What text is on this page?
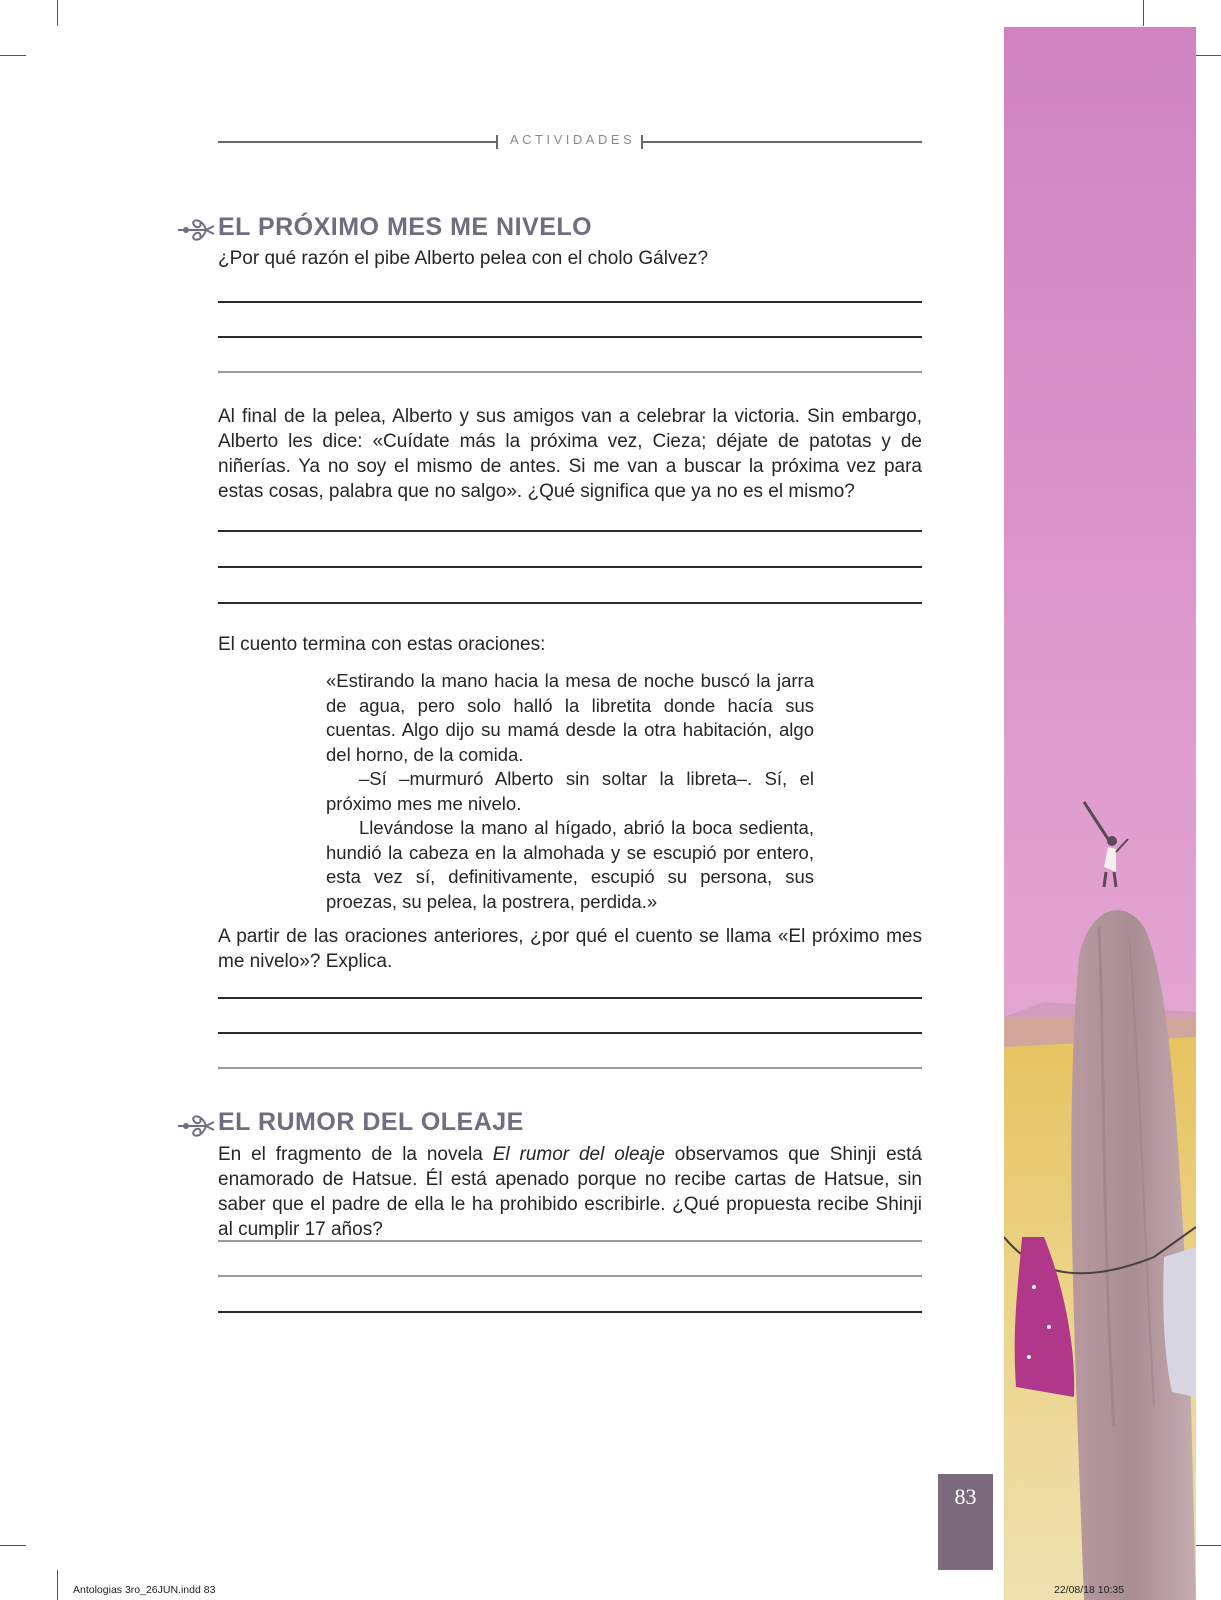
ACTIVIDADES
EL PRÓXIMO MES ME NIVELO
¿Por qué razón el pibe Alberto pelea con el cholo Gálvez?
Al final de la pelea, Alberto y sus amigos van a celebrar la victoria. Sin embargo, Alberto les dice: «Cuídate más la próxima vez, Cieza; déjate de patotas y de niñerías. Ya no soy el mismo de antes. Si me van a buscar la próxima vez para estas cosas, palabra que no salgo». ¿Qué significa que ya no es el mismo?
El cuento termina con estas oraciones:

«Estirando la mano hacia la mesa de noche buscó la jarra de agua, pero solo halló la libretita donde hacía sus cuentas. Algo dijo su mamá desde la otra habitación, algo del horno, de la comida.

–Sí –murmuró Alberto sin soltar la libreta–. Sí, el próximo mes me nivelo.

Llevándose la mano al hígado, abrió la boca sedienta, hundió la cabeza en la almohada y se escupió por entero, esta vez sí, definitivamente, escupió su persona, sus proezas, su pelea, la postrera, perdida.»

A partir de las oraciones anteriores, ¿por qué el cuento se llama «El próximo mes me nivelo»? Explica.
EL RUMOR DEL OLEAJE
En el fragmento de la novela El rumor del oleaje observamos que Shinji está enamorado de Hatsue. Él está apenado porque no recibe cartas de Hatsue, sin saber que el padre de ella le ha prohibido escribirle. ¿Qué propuesta recibe Shinji al cumplir 17 años?
83
Antologias 3ro_26JUN.indd 83	22/08/18 10:35
